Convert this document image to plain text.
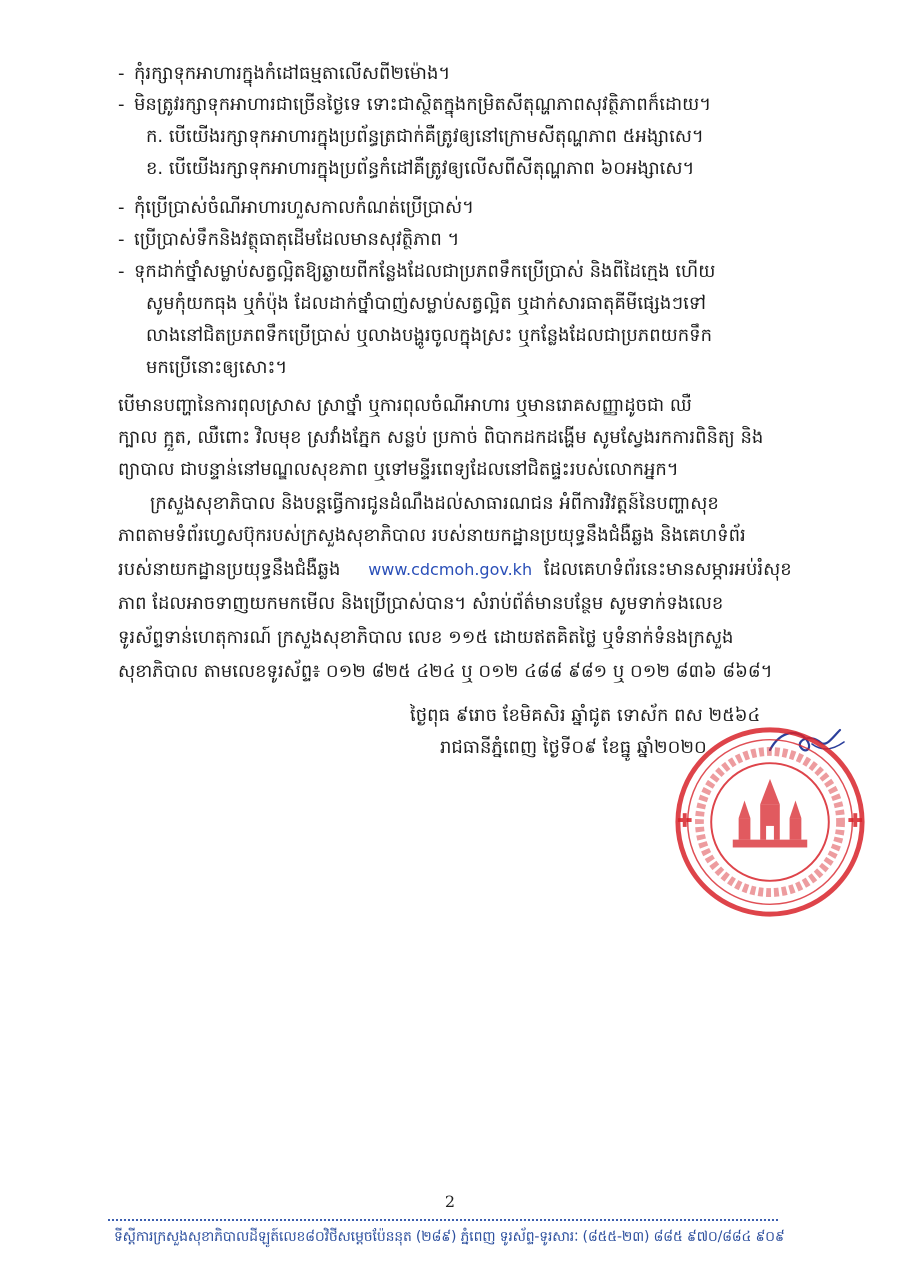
- កុំរក្សាទុកអាហារក្នុងកំដៅធម្មតាលើសពី២ម៉ោង។
- មិនត្រូវរក្សាទុកអាហារជាច្រើនថ្ងៃទេ ទោះជាស្ថិតក្នុងកម្រិតសីតុណ្ហភាពសុវត្ថិភាពក៏ដោយ។
ក. បើយើងរក្សាទុកអាហារក្នុងប្រព័ន្ធត្រជាក់គឺត្រូវឲ្យនៅក្រោមសីតុណ្ហភាព ៥អង្សាសេ។
ខ. បើយើងរក្សាទុកអាហារក្នុងប្រព័ន្ធកំដៅគឺត្រូវឲ្យលើសពីសីតុណ្ហភាព ៦០អង្សាសេ។
- កុំប្រើប្រាស់ចំណីអាហារហួសកាលកំណត់ប្រើប្រាស់។
- ប្រើប្រាស់ទឹកនិងវត្ថុធាតុដើមដែលមានសុវត្ថិភាព ។
- ទុកដាក់ថ្នាំសម្លាប់សត្វល្អិតឱ្យឆ្ងាយពីកន្លែងដែលជាប្រភពទឹកប្រើប្រាស់ និងពីដៃក្មេង ហើយ
សូមកុំយកធុង ឬកំប៉ុង ដែលដាក់ថ្នាំបាញ់សម្លាប់សត្វល្អិត ឬដាក់សារធាតុគីមីផ្សេងៗទៅ
លាងនៅជិតប្រភពទឹកប្រើប្រាស់ ឬលាងបង្ហូរចូលក្នុងស្រះ ឬកន្លែងដែលជាប្រភពយកទឹក
មកប្រើនោះឲ្យសោះ។
បើមានបញ្ហានៃការពុលស្រាស ស្រាថ្នាំ ឬការពុលចំណីអាហារ ឬមានរោគសញ្ញាដូចជា ឈឺ
ក្បាល ក្អួត, ឈឺពោះ វិលមុខ ស្រវាំងភ្នែក សន្លប់ ប្រកាច់ ពិបាកដកដង្ហើម សូមស្វែងរកការពិនិត្យ និង
ព្យាបាល ជាបន្ទាន់នៅមណ្ឌលសុខភាព ឬទៅមន្ទីរពេទ្យដែលនៅជិតផ្ទះរបស់លោកអ្នក។
ក្រសួងសុខាភិបាល និងបន្តធ្វើការជូនដំណឹងដល់សាធារណជន អំពីការវិវត្តន៍នៃបញ្ហាសុខ
ភាពតាមទំព័រហ្វេសប៊ុករបស់ក្រសួងសុខាភិបាល របស់នាយកដ្ឋានប្រយុទ្ធនឹងជំងឺឆ្លង និងគេហទំព័រ
របស់នាយកដ្ឋានប្រយុទ្ធនឹងជំងឺឆ្លង www.cdcmoh.gov.kh ដែលគេហទំព័រនេះមានសម្ភារអប់រំសុខ
ភាព ដែលអាចទាញយកមកមើល និងប្រើប្រាស់បាន។ សំរាប់ព័ត៌មានបន្ថែម សូមទាក់ទងលេខ
ទូរស័ព្ទទាន់ហេតុការណ៍ ក្រសួងសុខាភិបាល លេខ ១១៥ ដោយឥតគិតថ្លៃ ឬទំនាក់ទំនងក្រសួង
សុខាភិបាល តាមលេខទូរស័ព្ទ៖ ០១២ ៨២៥ ៤២៤ ឬ ០១២ ៤៨៨ ៩៨១ ឬ ០១២ ៨៣៦ ៨៦៨។
ថ្ងៃពុធ ៩រោច ខែមិគសិរ ឆ្នាំជូត ទោស័ក ពស ២៥៦៤
រាជធានីភ្នំពេញ ថ្ងៃទី០៩ ខែធ្នូ ឆ្នាំ២០២០
2
ទីស្តីការក្រសួងសុខាភិបាលដីឡូត៍លេខ៨០វិថីសម្តេចប៉ែននុត (២៨៩) ភ្នំពេញ ទូរស័ព្ទ-ទូរសារៈ (៨៥៥-២៣) ៨៨៥ ៩៧០/៨៨៤ ៩០៩
